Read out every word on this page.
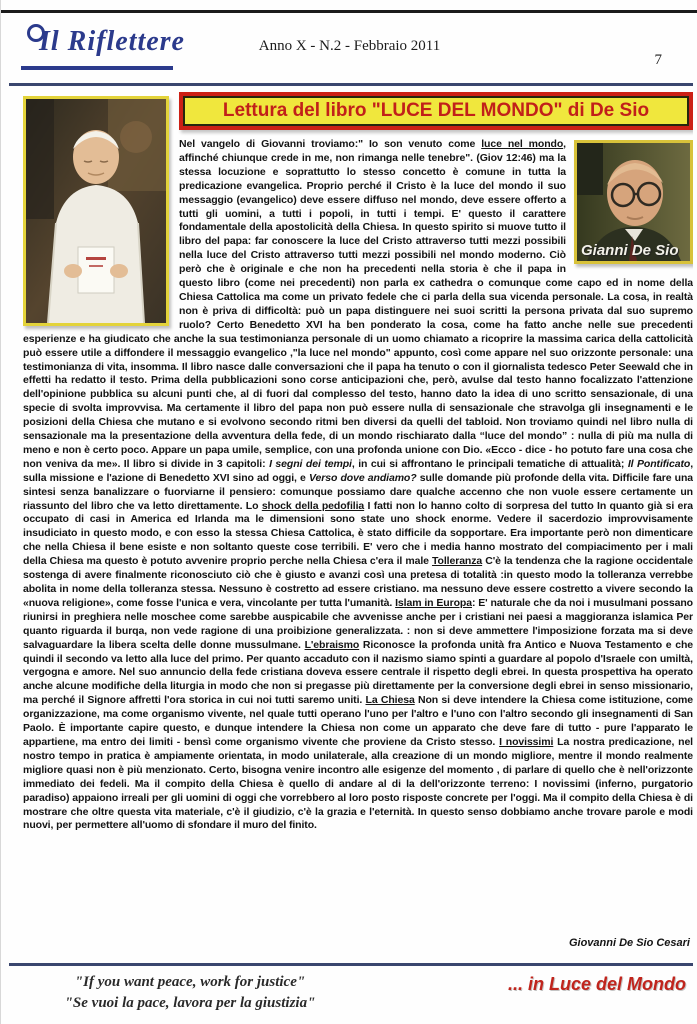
Il Riflettere	Anno X - N.2 - Febbraio 2011
7
Lettura del libro "LUCE DEL MONDO" di De Sio
Gianni De Sio

Nel vangelo di Giovanni troviamo:" Io son venuto come luce nel mondo, affinché chiunque crede in me, non rimanga nelle tenebre". (Giov 12:46) ma la stessa locuzione e soprattutto lo stesso concetto è comune in tutta la predicazione evangelica. Proprio perché il Cristo è la luce del mondo il suo messaggio (evangelico) deve essere diffuso nel mondo, deve essere offerto a tutti gli uomini, a tutti i popoli, in tutti i tempi. E' questo il carattere fondamentale della apostolicità della Chiesa. In questo spirito si muove tutto il libro del papa: far conoscere la luce del Cristo attraverso tutti mezzi possibili nella luce del Cristo attraverso tutti mezzi possibili nel mondo moderno. Ciò però che è originale e che non ha precedenti nella storia è che il papa in questo libro (come nei precedenti) non parla ex cathedra o comunque come capo ed in nome della Chiesa Cattolica ma come un privato fedele che ci parla della sua vicenda personale. La cosa, in realtà non è priva di difficoltà: può un papa distinguere nei suoi scritti la persona privata dal suo supremo ruolo? Certo Benedetto XVI ha ben ponderato la cosa, come ha fatto anche nelle sue precedenti esperienze e ha giudicato che anche la sua testimonianza personale di un uomo chiamato a ricoprire la massima carica della cattolicità può essere utile a diffondere il messaggio evangelico ,"la luce nel mondo" appunto, così come appare nel suo orizzonte personale: una testimonianza di vita, insomma. Il libro nasce dalle conversazioni che il papa ha tenuto o con il giornalista tedesco Peter Seewald che in effetti ha redatto il testo. Prima della pubblicazioni sono corse anticipazioni che, però, avulse dal testo hanno focalizzato l'attenzione dell'opinione pubblica su alcuni punti che, al di fuori dal complesso del testo, hanno dato la idea di uno scritto sensazionale, di una specie di svolta improvvisa. Ma certamente il libro del papa non può essere nulla di sensazionale che stravolga gli insegnamenti e le posizioni della Chiesa che mutano e si evolvono secondo ritmi ben diversi da quelli del tabloid. Non troviamo quindi nel libro nulla di sensazionale ma la presentazione della avventura della fede, di un mondo rischiarato dalla “luce del mondo” : nulla di più ma nulla di meno e non è certo poco. Appare un papa umile, semplice, con una profonda unione con Dio. «Ecco - dice - ho potuto fare una cosa che non veniva da me». Il libro si divide in 3 capitoli: I segni dei tempi, in cui si affrontano le principali tematiche di attualità; Il Pontificato, sulla missione e l'azione di Benedetto XVI sino ad oggi, e Verso dove andiamo? sulle domande più profonde della vita. Difficile fare una sintesi senza banalizzare o fuorviarne il pensiero: comunque possiamo dare qualche accenno che non vuole essere certamente un riassunto del libro che va letto direttamente. Lo shock della pedofilia I fatti non lo hanno colto di sorpresa del tutto In quanto già si era occupato di casi in America ed Irlanda ma le dimensioni sono state uno shock enorme. Vedere il sacerdozio improvvisamente insudiciato in questo modo, e con esso la stessa Chiesa Cattolica, è stato difficile da sopportare. Era importante però non dimenticare che nella Chiesa il bene esiste e non soltanto queste cose terribili. E' vero che i media hanno mostrato del compiacimento per i mali della Chiesa ma questo è potuto avvenire proprio perche nella Chiesa c'era il male Tolleranza C'è la tendenza che la ragione occidentale sostenga di avere finalmente riconosciuto ciò che è giusto e avanzi così una pretesa di totalità :in questo modo la tolleranza verrebbe abolita in nome della tolleranza stessa. Nessuno è costretto ad essere cristiano. ma nessuno deve essere costretto a vivere secondo la «nuova religione», come fosse l'unica e vera, vincolante per tutta l'umanità. Islam in Europa: E' naturale che da noi i musulmani possano riunirsi in preghiera nelle moschee come sarebbe auspicabile che avvenisse anche per i cristiani nei paesi a maggioranza islamica Per quanto riguarda il burqa, non vede ragione di una proibizione generalizzata. : non si deve ammettere l'imposizione forzata ma si deve salvaguardare la libera scelta delle donne mussulmane. L'ebraismo Riconosce la profonda unità fra Antico e Nuova Testamento e che quindi il secondo va letto alla luce del primo. Per quanto accaduto con il nazismo siamo spinti a guardare al popolo d'Israele con umiltà, vergogna e amore. Nel suo annuncio della fede cristiana doveva essere centrale il rispetto degli ebrei. In questa prospettiva ha operato anche alcune modifiche della liturgia in modo che non si pregasse più direttamente per la conversione degli ebrei in senso missionario, ma perché il Signore affretti l'ora storica in cui noi tutti saremo uniti. La Chiesa Non si deve intendere la Chiesa come istituzione, come organizzazione, ma come organismo vivente, nel quale tutti operano l'uno per l'altro e l'uno con l'altro secondo gli insegnamenti di San Paolo. È importante capire questo, e dunque intendere la Chiesa non come un apparato che deve fare di tutto - pure l'apparato le appartiene, ma entro dei limiti - bensì come organismo vivente che proviene da Cristo stesso. I novissimi La nostra predicazione, nel nostro tempo in pratica è ampiamente orientata, in modo unilaterale, alla creazione di un mondo migliore, mentre il mondo realmente migliore quasi non è più menzionato. Certo, bisogna venire incontro alle esigenze del momento , di parlare di quello che è nell'orizzonte immediato dei fedeli. Ma il compito della Chiesa è quello di andare al di la dell'orizzonte terreno: I novissimi (inferno, purgatorio paradiso) appaiono irreali per gli uomini di oggi che vorrebbero al loro posto risposte concrete per l'oggi. Ma il compito della Chiesa è di mostrare che oltre questa vita materiale, c'è il giudizio, c'è la grazia e l'eternità. In questo senso dobbiamo anche trovare parole e modi nuovi, per permettere all'uomo di sfondare il muro del finito.

Giovanni De Sio Cesari
"If you want peace, work for justice"
"Se vuoi la pace, lavora per la giustizia"
... in Luce del Mondo
